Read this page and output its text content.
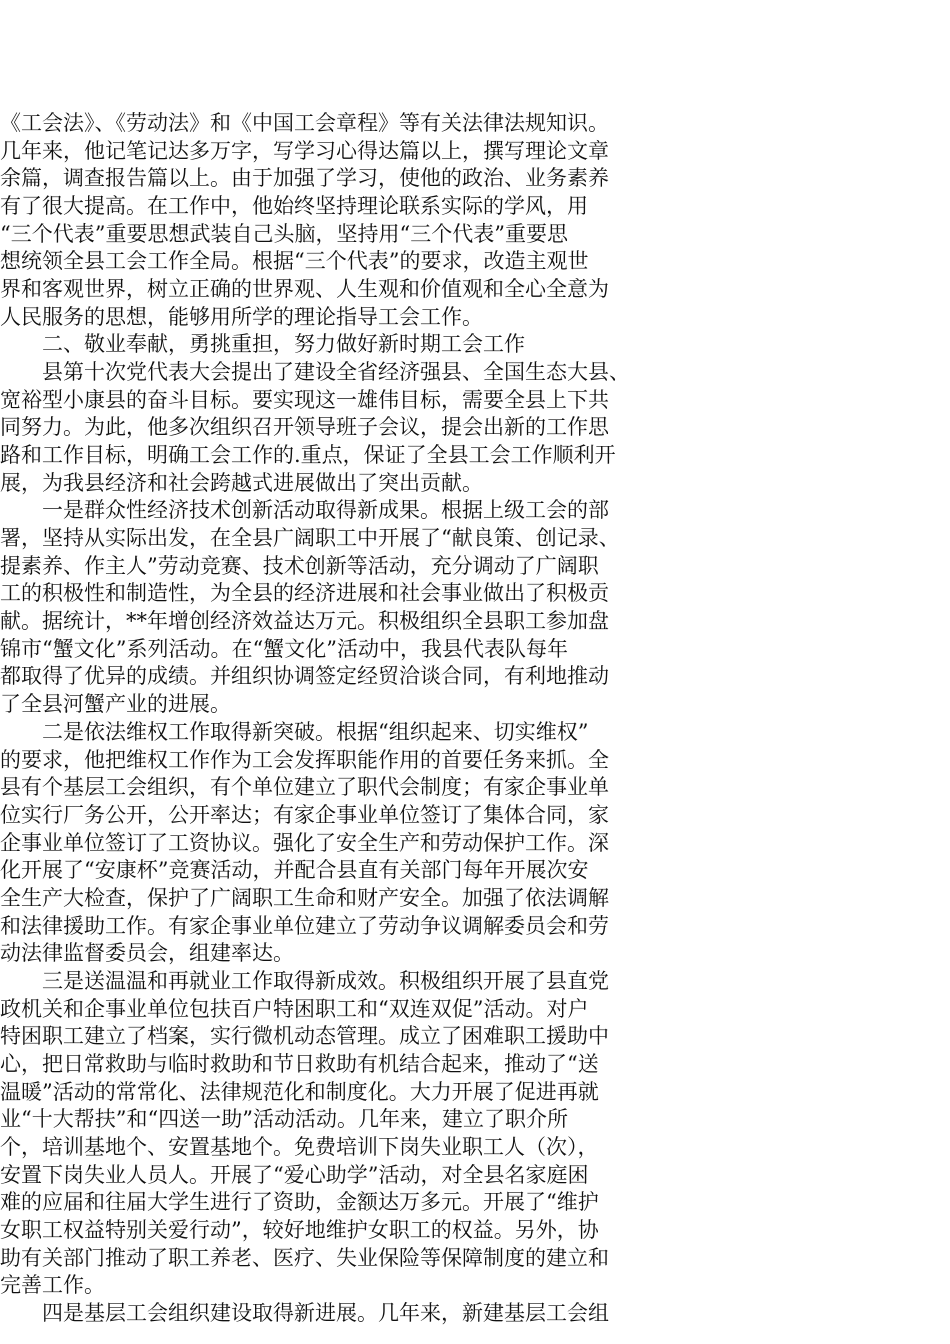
《工会法》、《劳动法》和《中国工会章程》等有关法律法规知识。
几年来，他记笔记达多万字，写学习心得达篇以上，撰写理论文章
余篇，调查报告篇以上。由于加强了学习，使他的政治、业务素养
有了很大提高。在工作中，他始终坚持理论联系实际的学风，用
“三个代表”重要思想武装自己头脑，坚持用“三个代表”重要思
想统领全县工会工作全局。根据“三个代表”的要求，改造主观世
界和客观世界，树立正确的世界观、人生观和价值观和全心全意为
人民服务的思想，能够用所学的理论指导工会工作。
　　二、敬业奉献，勇挑重担，努力做好新时期工会工作
　　县第十次党代表大会提出了建设全省经济强县、全国生态大县、
宽裕型小康县的奋斗目标。要实现这一雄伟目标，需要全县上下共
同努力。为此，他多次组织召开领导班子会议，提会出新的工作思
路和工作目标，明确工会工作的.重点，保证了全县工会工作顺利开
展，为我县经济和社会跨越式进展做出了突出贡献。
　　一是群众性经济技术创新活动取得新成果。根据上级工会的部
署，坚持从实际出发，在全县广阔职工中开展了“献良策、创记录、
提素养、作主人”劳动竞赛、技术创新等活动，充分调动了广阔职
工的积极性和制造性，为全县的经济进展和社会事业做出了积极贡
献。据统计，**年增创经济效益达万元。积极组织全县职工参加盘
锦市“蟹文化”系列活动。在“蟹文化”活动中，我县代表队每年
都取得了优异的成绩。并组织协调签定经贸洽谈合同，有利地推动
了全县河蟹产业的进展。
　　二是依法维权工作取得新突破。根据“组织起来、切实维权”
的要求，他把维权工作作为工会发挥职能作用的首要任务来抓。全
县有个基层工会组织，有个单位建立了职代会制度；有家企事业单
位实行厂务公开，公开率达；有家企事业单位签订了集体合同，家
企事业单位签订了工资协议。强化了安全生产和劳动保护工作。深
化开展了“安康杯”竞赛活动，并配合县直有关部门每年开展次安
全生产大检查，保护了广阔职工生命和财产安全。加强了依法调解
和法律援助工作。有家企事业单位建立了劳动争议调解委员会和劳
动法律监督委员会，组建率达。
　　三是送温温和再就业工作取得新成效。积极组织开展了县直党
政机关和企事业单位包扶百户特困职工和“双连双促”活动。对户
特困职工建立了档案，实行微机动态管理。成立了困难职工援助中
心，把日常救助与临时救助和节日救助有机结合起来，推动了“送
温暖”活动的常常化、法律规范化和制度化。大力开展了促进再就
业“十大帮扶”和“四送一助”活动活动。几年来，建立了职介所
个，培训基地个、安置基地个。免费培训下岗失业职工人（次），
安置下岗失业人员人。开展了“爱心助学”活动，对全县名家庭困
难的应届和往届大学生进行了资助，金额达万多元。开展了“维护
女职工权益特别关爱行动”，较好地维护女职工的权益。另外，协
助有关部门推动了职工养老、医疗、失业保险等保障制度的建立和
完善工作。
　　四是基层工会组织建设取得新进展。几年来，新建基层工会组
